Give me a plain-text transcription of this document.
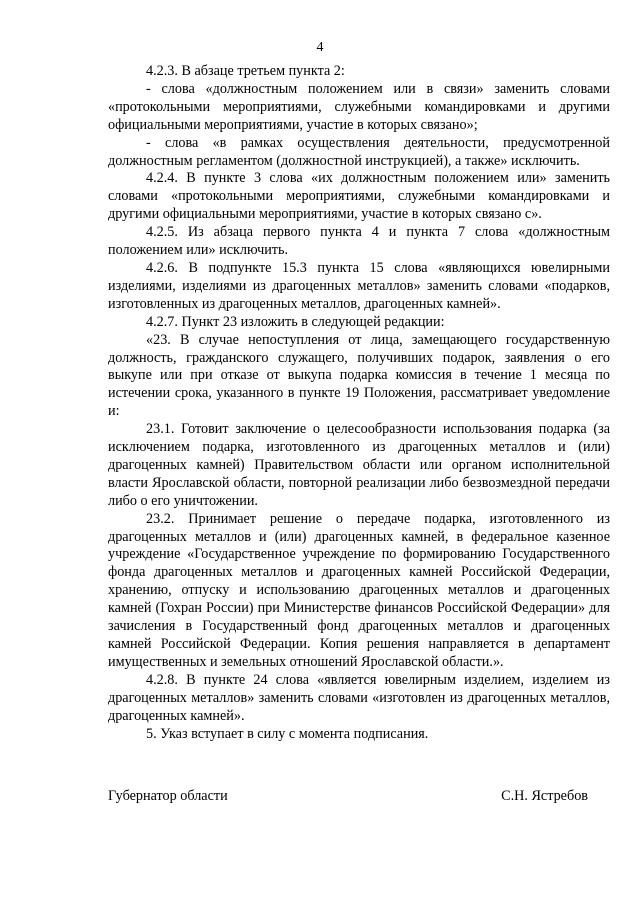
4

4.2.3. В абзаце третьем пункта 2:

- слова «должностным положением или в связи» заменить словами «протокольными мероприятиями, служебными командировками и другими официальными мероприятиями, участие в которых связано»;

- слова «в рамках осуществления деятельности, предусмотренной должностным регламентом (должностной инструкцией), а также» исключить.

4.2.4. В пункте 3 слова «их должностным положением или» заменить словами «протокольными мероприятиями, служебными командировками и другими официальными мероприятиями, участие в которых связано с».

4.2.5. Из абзаца первого пункта 4 и пункта 7 слова «должностным положением или» исключить.

4.2.6. В подпункте 15.3 пункта 15 слова «являющихся ювелирными изделиями, изделиями из драгоценных металлов» заменить словами «подарков, изготовленных из драгоценных металлов, драгоценных камней».

4.2.7. Пункт 23 изложить в следующей редакции:

«23. В случае непоступления от лица, замещающего государственную должность, гражданского служащего, получивших подарок, заявления о его выкупе или при отказе от выкупа подарка комиссия в течение 1 месяца по истечении срока, указанного в пункте 19 Положения, рассматривает уведомление и:

23.1. Готовит заключение о целесообразности использования подарка (за исключением подарка, изготовленного из драгоценных металлов и (или) драгоценных камней) Правительством области или органом исполнительной власти Ярославской области, повторной реализации либо безвозмездной передачи либо о его уничтожении.

23.2. Принимает решение о передаче подарка, изготовленного из драгоценных металлов и (или) драгоценных камней, в федеральное казенное учреждение «Государственное учреждение по формированию Государственного фонда драгоценных металлов и драгоценных камней Российской Федерации, хранению, отпуску и использованию драгоценных металлов и драгоценных камней (Гохран России) при Министерстве финансов Российской Федерации» для зачисления в Государственный фонд драгоценных металлов и драгоценных камней Российской Федерации. Копия решения направляется в департамент имущественных и земельных отношений Ярославской области.».

4.2.8. В пункте 24 слова «является ювелирным изделием, изделием из драгоценных металлов» заменить словами «изготовлен из драгоценных металлов, драгоценных камней».

5. Указ вступает в силу с момента подписания.

Губернатор области	С.Н. Ястребов
